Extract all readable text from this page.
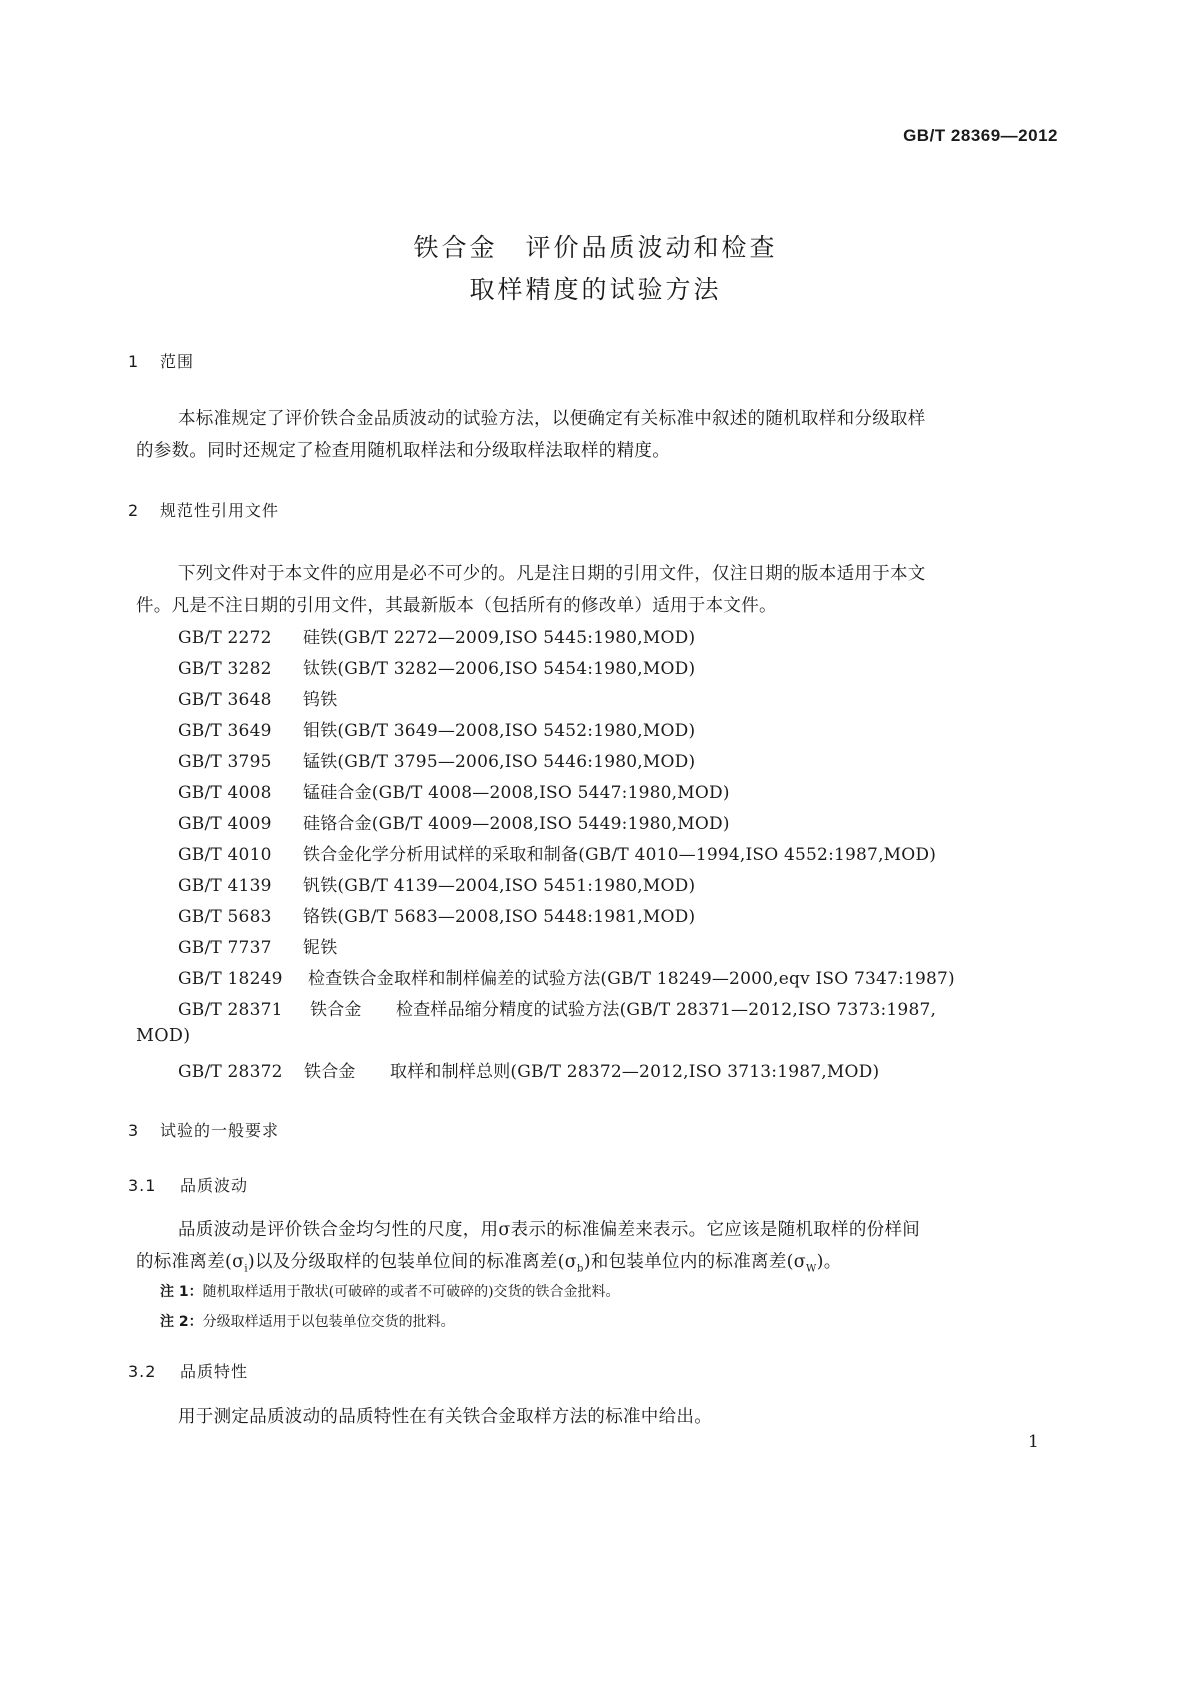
GB/T 28369—2012
铁合金　评价品质波动和检查
取样精度的试验方法
1 范围
本标准规定了评价铁合金品质波动的试验方法，以便确定有关标准中叙述的随机取样和分级取样
的参数。同时还规定了检查用随机取样法和分级取样法取样的精度。
2 规范性引用文件
下列文件对于本文件的应用是必不可少的。凡是注日期的引用文件，仅注日期的版本适用于本文
件。凡是不注日期的引用文件，其最新版本（包括所有的修改单）适用于本文件。
GB/T 2272 硅铁(GB/T 2272—2009,ISO 5445:1980,MOD)
GB/T 3282 钛铁(GB/T 3282—2006,ISO 5454:1980,MOD)
GB/T 3648 钨铁
GB/T 3649 钼铁(GB/T 3649—2008,ISO 5452:1980,MOD)
GB/T 3795 锰铁(GB/T 3795—2006,ISO 5446:1980,MOD)
GB/T 4008 锰硅合金(GB/T 4008—2008,ISO 5447:1980,MOD)
GB/T 4009 硅铬合金(GB/T 4009—2008,ISO 5449:1980,MOD)
GB/T 4010 铁合金化学分析用试样的采取和制备(GB/T 4010—1994,ISO 4552:1987,MOD)
GB/T 4139 钒铁(GB/T 4139—2004,ISO 5451:1980,MOD)
GB/T 5683 铬铁(GB/T 5683—2008,ISO 5448:1981,MOD)
GB/T 7737 铌铁
GB/T 18249 检查铁合金取样和制样偏差的试验方法(GB/T 18249—2000,eqv ISO 7347:1987)
GB/T 28371 铁合金 检查样品缩分精度的试验方法(GB/T 28371—2012,ISO 7373:1987,
MOD)
GB/T 28372 铁合金 取样和制样总则(GB/T 28372—2012,ISO 3713:1987,MOD)
3 试验的一般要求
3.1 品质波动
品质波动是评价铁合金均匀性的尺度，用σ表示的标准偏差来表示。它应该是随机取样的份样间
的标准离差$(\sigma_i)$以及分级取样的包装单位间的标准离差$(\sigma_b)$和包装单位内的标准离差$(\sigma_W)$。
注 1：随机取样适用于散状(可破碎的或者不可破碎的)交货的铁合金批料。
注 2：分级取样适用于以包装单位交货的批料。
3.2 品质特性
用于测定品质波动的品质特性在有关铁合金取样方法的标准中给出。
1
